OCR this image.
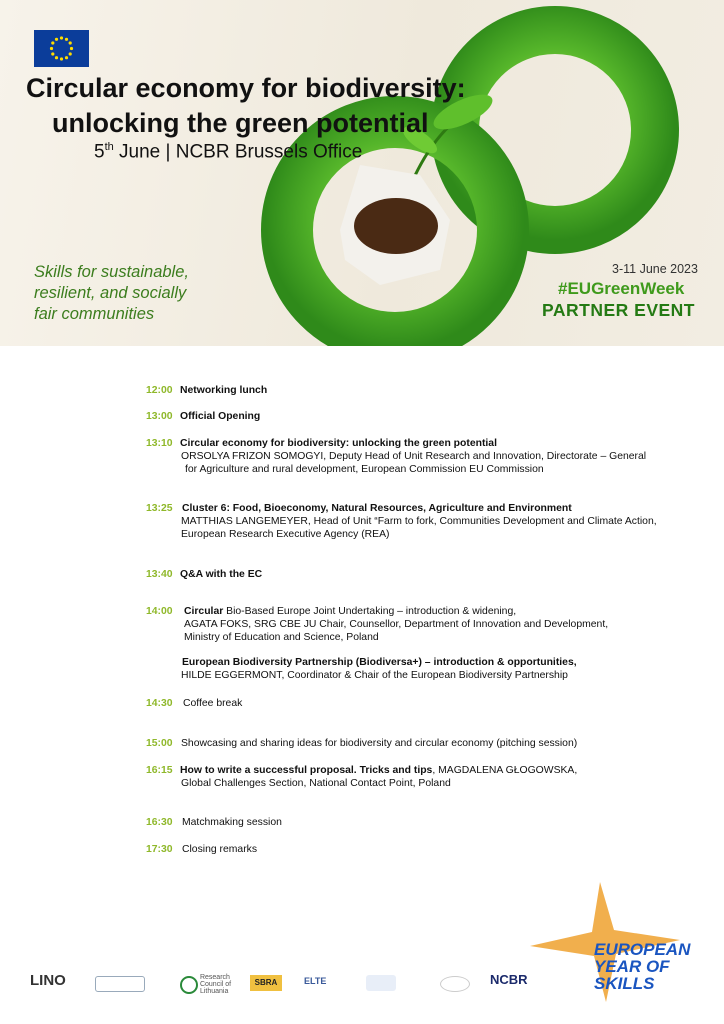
Circular economy for biodiversity:
unlocking the green potential
5th June | NCBR Brussels Office

Skills for sustainable,
resilient, and socially
fair communities

3-11 June 2023
#EUGreenWeek
PARTNER EVENT
12:00 Networking lunch
13:00 Official Opening
13:10 Circular economy for biodiversity: unlocking the green potential
ORSOLYA FRIZON SOMOGYI, Deputy Head of Unit Research and Innovation, Directorate – General
for Agriculture and rural development, European Commission EU Commission
13:25 Cluster 6: Food, Bioeconomy, Natural Resources, Agriculture and Environment
MATTHIAS LANGEMEYER, Head of Unit “Farm to fork, Communities Development and Climate Action,
European Research Executive Agency (REA)
13:40 Q&A with the EC
14:00 Circular Bio-Based Europe Joint Undertaking – introduction & widening,
AGATA FOKS, SRG CBE JU Chair, Counsellor, Department of Innovation and Development,
Ministry of Education and Science, Poland
European Biodiversity Partnership (Biodiversa+) – introduction & opportunities,
HILDE EGGERMONT, Coordinator & Chair of the European Biodiversity Partnership
14:30 Coffee break
15:00 Showcasing and sharing ideas for biodiversity and circular economy (pitching session)
16:15 How to write a successful proposal. Tricks and tips, MAGDALENA GŁOGOWSKA,
Global Challenges Section, National Contact Point, Poland
16:30 Matchmaking session
17:30 Closing remarks
LINO	Research Council of Lithuania
SBRA	ELTE	NCBR
EUROPEAN
YEAR OF
SKILLS
